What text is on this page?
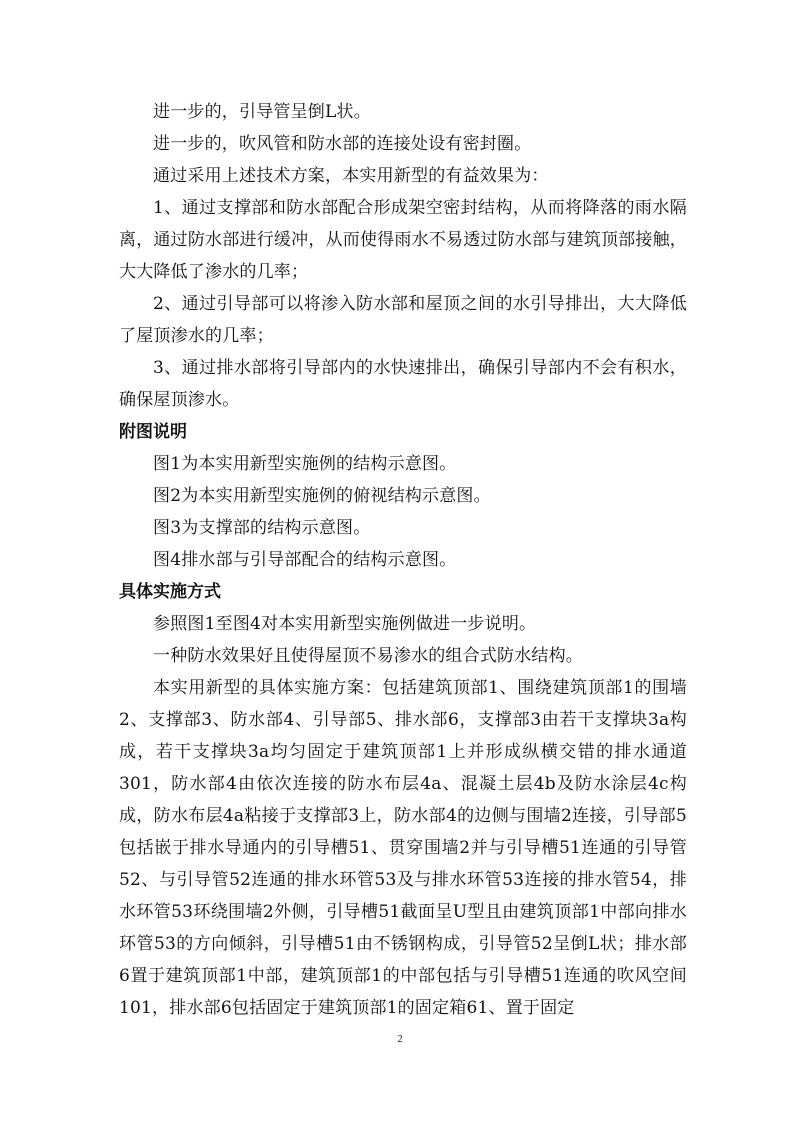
进一步的，引导管呈倒L状。

进一步的，吹风管和防水部的连接处设有密封圈。

通过采用上述技术方案，本实用新型的有益效果为：

1、通过支撑部和防水部配合形成架空密封结构，从而将降落的雨水隔离，通过防水部进行缓冲，从而使得雨水不易透过防水部与建筑顶部接触，大大降低了渗水的几率；

2、通过引导部可以将渗入防水部和屋顶之间的水引导排出，大大降低了屋顶渗水的几率；

3、通过排水部将引导部内的水快速排出，确保引导部内不会有积水，确保屋顶渗水。

附图说明

图1为本实用新型实施例的结构示意图。

图2为本实用新型实施例的俯视结构示意图。

图3为支撑部的结构示意图。

图4排水部与引导部配合的结构示意图。

具体实施方式

参照图1至图4对本实用新型实施例做进一步说明。

一种防水效果好且使得屋顶不易渗水的组合式防水结构。

本实用新型的具体实施方案：包括建筑顶部1、围绕建筑顶部1的围墙2、支撑部3、防水部4、引导部5、排水部6，支撑部3由若干支撑块3a构成，若干支撑块3a均匀固定于建筑顶部1上并形成纵横交错的排水通道301，防水部4由依次连接的防水布层4a、混凝土层4b及防水涂层4c构成，防水布层4a粘接于支撑部3上，防水部4的边侧与围墙2连接，引导部5包括嵌于排水导通内的引导槽51、贯穿围墙2并与引导槽51连通的引导管52、与引导管52连通的排水环管53及与排水环管53连接的排水管54，排水环管53环绕围墙2外侧，引导槽51截面呈U型且由建筑顶部1中部向排水环管53的方向倾斜，引导槽51由不锈钢构成，引导管52呈倒L状；排水部6置于建筑顶部1中部，建筑顶部1的中部包括与引导槽51连通的吹风空间101，排水部6包括固定于建筑顶部1的固定箱61、置于固定

2
